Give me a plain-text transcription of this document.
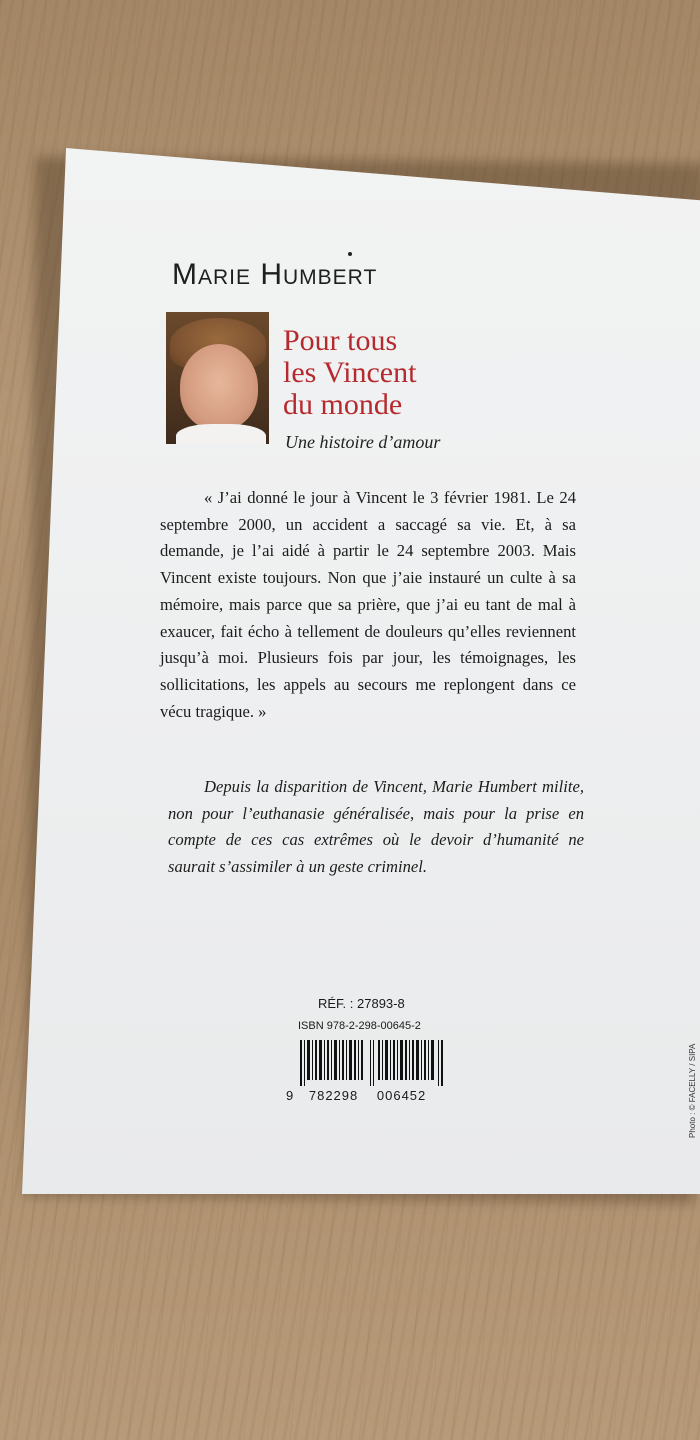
Marie Humbert
Pour tous
les Vincent
du monde
Une histoire d’amour

« J’ai donné le jour à Vincent le 3 février 1981. Le 24 septembre 2000, un accident a saccagé sa vie. Et, à sa demande, je l’ai aidé à partir le 24 septembre 2003. Mais Vincent existe toujours. Non que j’aie instauré un culte à sa mémoire, mais parce que sa prière, que j’ai eu tant de mal à exaucer, fait écho à tellement de douleurs qu’elles reviennent jusqu’à moi. Plusieurs fois par jour, les témoignages, les sollicitations, les appels au secours me replongent dans ce vécu tragique. »

Depuis la disparition de Vincent, Marie Humbert milite, non pour l’euthanasie généralisée, mais pour la prise en compte de ces cas extrêmes où le devoir d’humanité ne saurait s’assimiler à un geste criminel.

RÉF. : 27893-8
ISBN 978-2-298-00645-2
9 782298 006452	Photo : © FACELLY / SIPA
